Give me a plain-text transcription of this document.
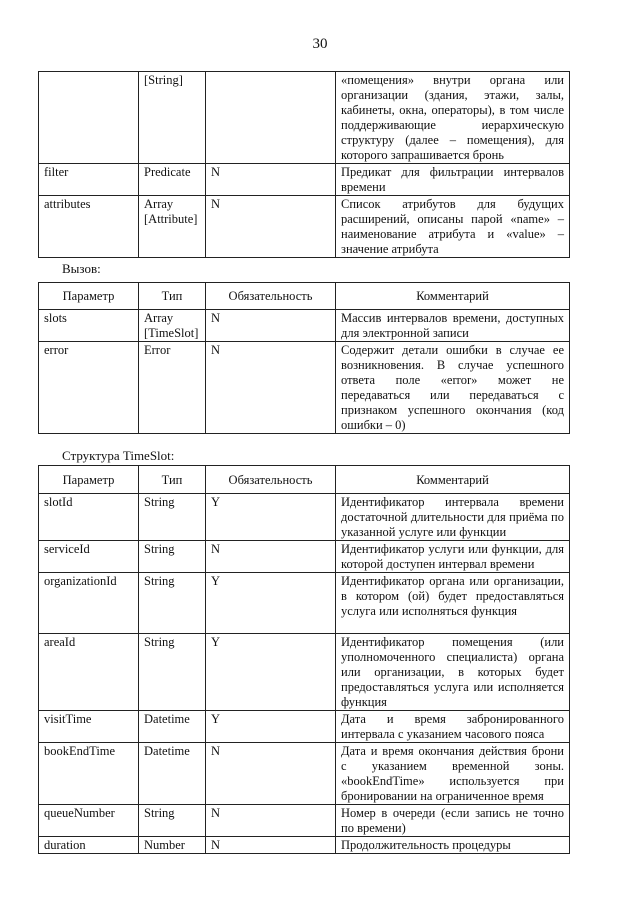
30
	[String]		«помещения» внутри органа или организации (здания, этажи, залы, кабинеты, окна, операторы), в том числе поддерживающие иерархическую структуру (далее – помещения), для которого запрашивается бронь
filter	Predicate	N	Предикат для фильтрации интервалов времени
attributes	Array [Attribute]	N	Список атрибутов для будущих расширений, описаны парой «name» – наименование атрибута и «value» – значение атрибута
Вызов:
Параметр	Тип	Обязательность	Комментарий
slots	Array [TimeSlot]	N	Массив интервалов времени, доступных для электронной записи
error	Error	N	Содержит детали ошибки в случае ее возникновения. В случае успешного ответа поле «error» может не передаваться или передаваться с признаком успешного окончания (код ошибки – 0)
Структура TimeSlot:
Параметр	Тип	Обязательность	Комментарий
slotId	String	Y	Идентификатор интервала времени достаточной длительности для приёма по указанной услуге или функции
serviceId	String	N	Идентификатор услуги или функции, для которой доступен интервал времени
organizationId	String	Y	Идентификатор органа или организации, в котором (ой) будет предоставляться услуга или исполняться функция
areaId	String	Y	Идентификатор помещения (или уполномоченного специалиста) органа или организации, в которых будет предоставляться услуга или исполняется функция
visitTime	Datetime	Y	Дата и время забронированного интервала с указанием часового пояса
bookEndTime	Datetime	N	Дата и время окончания действия брони с указанием временной зоны. «bookEndTime» используется при бронировании на ограниченное время
queueNumber	String	N	Номер в очереди (если запись не точно по времени)
duration	Number	N	Продолжительность процедуры
